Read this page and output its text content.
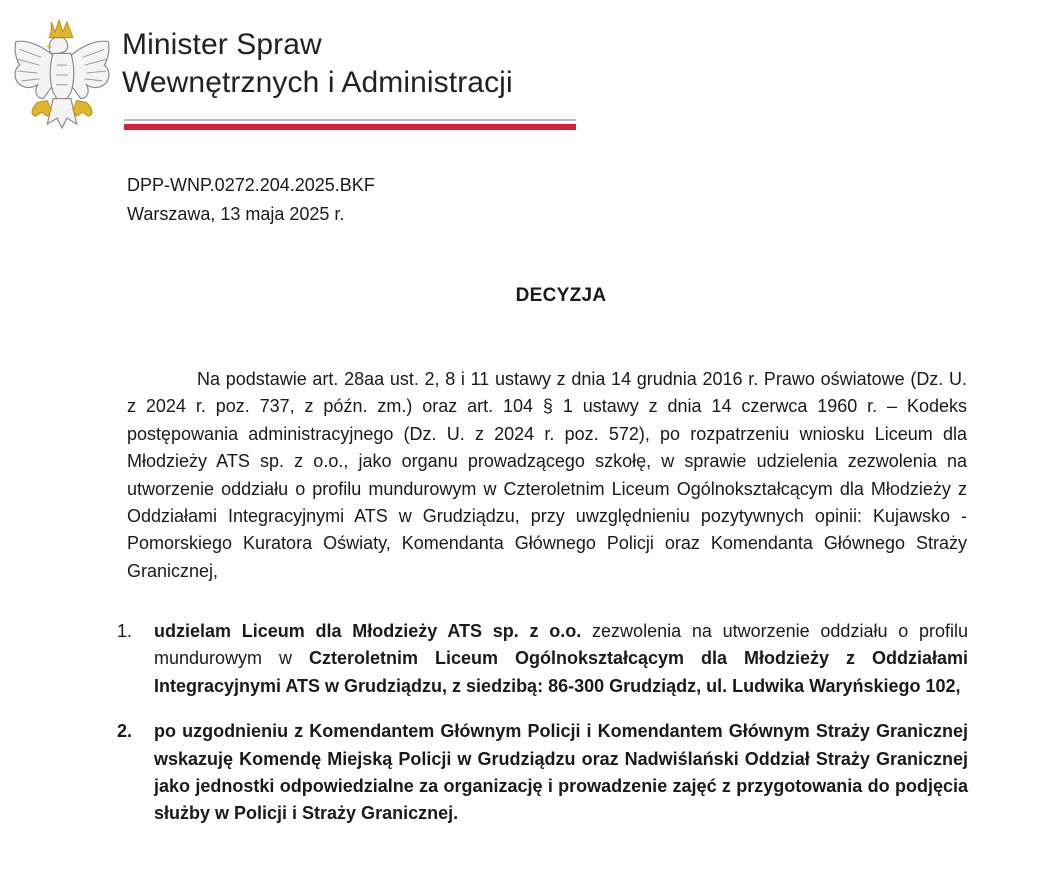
Minister Spraw
Wewnętrznych i Administracji
DPP-WNP.0272.204.2025.BKF
Warszawa, 13 maja 2025 r.
DECYZJA
Na podstawie art. 28aa ust. 2, 8 i 11 ustawy z dnia 14 grudnia 2016 r. Prawo oświatowe (Dz. U. z 2024 r. poz. 737, z późn. zm.) oraz art. 104 § 1 ustawy z dnia 14 czerwca 1960 r. – Kodeks postępowania administracyjnego (Dz. U. z 2024 r. poz. 572), po rozpatrzeniu wniosku Liceum dla Młodzieży ATS sp. z o.o., jako organu prowadzącego szkołę, w sprawie udzielenia zezwolenia na utworzenie oddziału o profilu mundurowym w Czteroletnim Liceum Ogólnokształcącym dla Młodzieży z Oddziałami Integracyjnymi ATS w Grudziądzu, przy uwzględnieniu pozytywnych opinii: Kujawsko - Pomorskiego Kuratora Oświaty, Komendanta Głównego Policji oraz Komendanta Głównego Straży Granicznej,
1. udzielam Liceum dla Młodzieży ATS sp. z o.o. zezwolenia na utworzenie oddziału o profilu mundurowym w Czteroletnim Liceum Ogólnokształcącym dla Młodzieży z Oddziałami Integracyjnymi ATS w Grudziądzu, z siedzibą: 86-300 Grudziądz, ul. Ludwika Waryńskiego 102,
2. po uzgodnieniu z Komendantem Głównym Policji i Komendantem Głównym Straży Granicznej wskazuję Komendę Miejską Policji w Grudziądzu oraz Nadwiślański Oddział Straży Granicznej jako jednostki odpowiedzialne za organizację i prowadzenie zajęć z przygotowania do podjęcia służby w Policji i Straży Granicznej.
